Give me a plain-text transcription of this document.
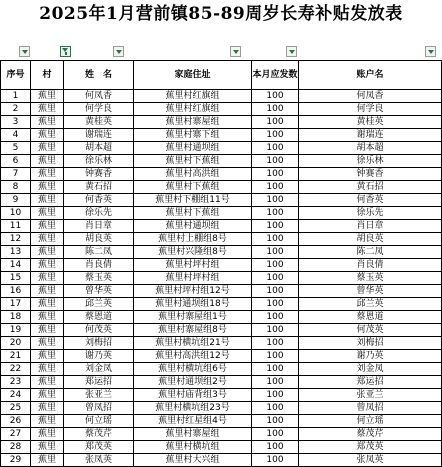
2025年1月营前镇85-89周岁长寿补贴发放表
序号	村	姓　名	家庭住址	本月应发数	账户名
1	蕉里	何凤香	蕉里村红旗组	100	何凤香
2	蕉里	何学良	蕉里村红旗组	100	何学良
3	蕉里	黄桂英	蕉里村寨屋组	100	黄桂英
4	蕉里	谢瑞连	蕉里村寨下组	100	谢瑞连
5	蕉里	胡本超	蕉里村通坝组	100	胡本超
6	蕉里	徐乐林	蕉里村下蕉组	100	徐乐林
7	蕉里	钟赛香	蕉里村高洪组	100	钟赛香
8	蕉里	黄石招	蕉里村下蕉组	100	黄石招
9	蕉里	何香英	蕉里村下棚组11号	100	何香英
10	蕉里	徐乐先	蕉里村下蕉组	100	徐乐先
11	蕉里	肖日章	蕉里村通坝组	100	肖日章
12	蕉里	胡良英	蕉里村上棚组8号	100	胡良英
13	蕉里	陈二凤	蕉里村兴隆组8号	100	陈二凤
14	蕉里	肖良倩	蕉里村坪村组	100	肖良倩
15	蕉里	蔡玉英	蕉里村坪村组	100	蔡玉英
16	蕉里	曾华英	蕉里村坪村组12号	100	曾华英
17	蕉里	邱兰英	蕉里村通坝组18号	100	邱兰英
18	蕉里	蔡恩道	蕉里村寨屋组1号	100	蔡恩道
19	蕉里	何茂英	蕉里村寨屋组8号	100	何茂英
20	蕉里	刘梅招	蕉里村横坑组21号	100	刘梅招
21	蕉里	谢乃英	蕉里村高洪组12号	100	谢乃英
22	蕉里	刘金凤	蕉里村横坑组6号	100	刘金凤
23	蕉里	郑运招	蕉里村通坝组2号	100	郑运招
24	蕉里	张亚兰	蕉里村庙背组3号	100	张亚兰
25	蕉里	曾凤招	蕉里村横坑组23号	100	曾凤招
26	蕉里	何立瑶	蕉里村红星组4号	100	何立瑶
27	蕉里	蔡茂芹	蕉里村寨屋组	100	蔡茂芹
28	蕉里	郑茂英	蕉里村横坑组	100	郑茂英
29	蕉里	张凤英	蕉里村大兴组	100	张凤英
